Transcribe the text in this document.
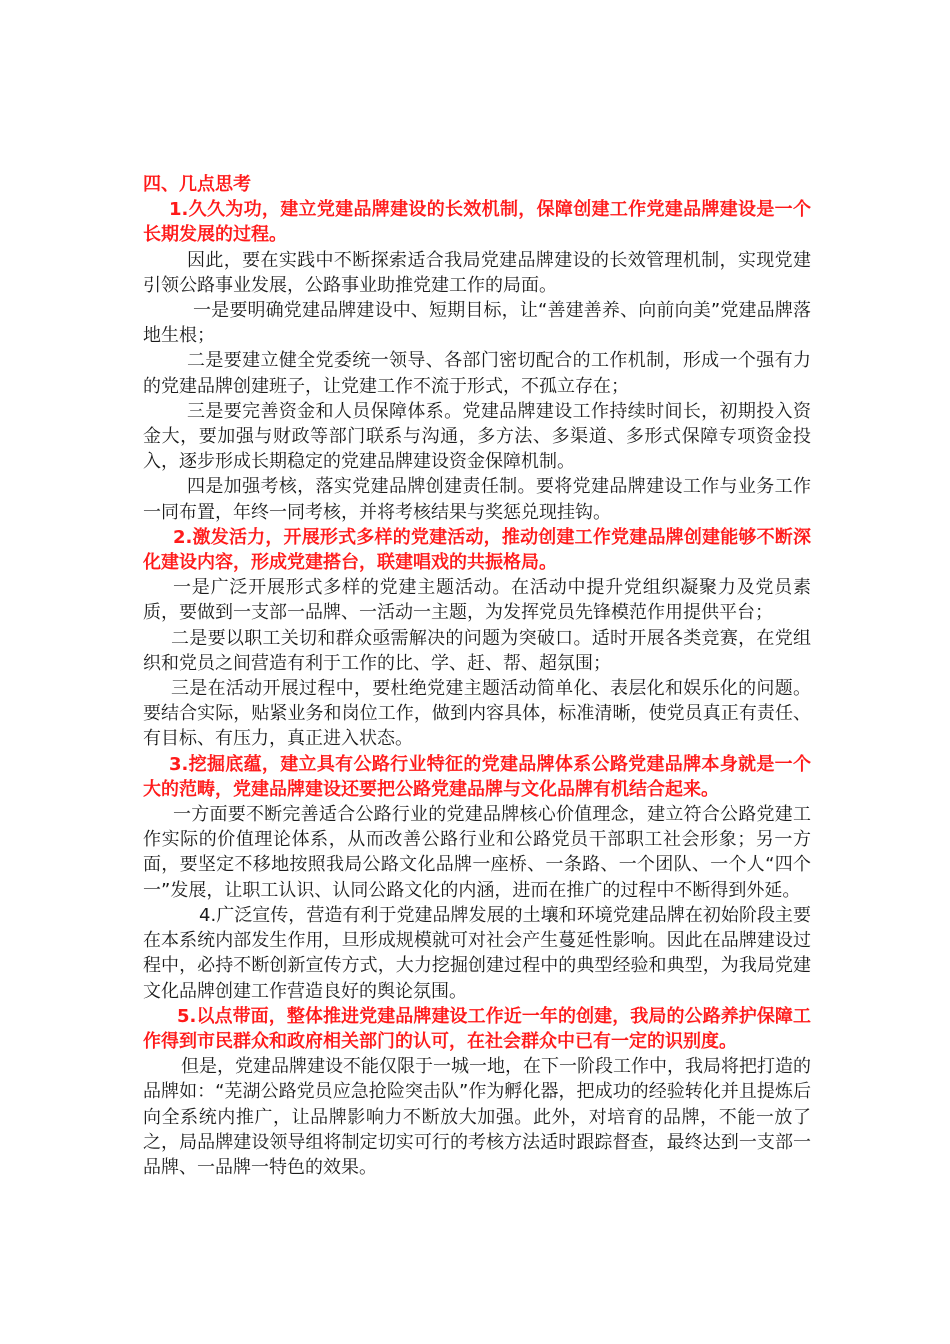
四、几点思考

1.久久为功，建立党建品牌建设的长效机制，保障创建工作党建品牌建设是一个长期发展的过程。

因此，要在实践中不断探索适合我局党建品牌建设的长效管理机制，实现党建引领公路事业发展，公路事业助推党建工作的局面。

一是要明确党建品牌建设中、短期目标，让“善建善养、向前向美”党建品牌落地生根；

二是要建立健全党委统一领导、各部门密切配合的工作机制，形成一个强有力的党建品牌创建班子，让党建工作不流于形式，不孤立存在；

三是要完善资金和人员保障体系。党建品牌建设工作持续时间长，初期投入资金大，要加强与财政等部门联系与沟通，多方法、多渠道、多形式保障专项资金投入，逐步形成长期稳定的党建品牌建设资金保障机制。

四是加强考核，落实党建品牌创建责任制。要将党建品牌建设工作与业务工作一同布置，年终一同考核，并将考核结果与奖惩兑现挂钩。

2.激发活力，开展形式多样的党建活动，推动创建工作党建品牌创建能够不断深化建设内容，形成党建搭台，联建唱戏的共振格局。

一是广泛开展形式多样的党建主题活动。在活动中提升党组织凝聚力及党员素质，要做到一支部一品牌、一活动一主题，为发挥党员先锋模范作用提供平台；

二是要以职工关切和群众亟需解决的问题为突破口。适时开展各类竞赛，在党组织和党员之间营造有利于工作的比、学、赶、帮、超氛围；

三是在活动开展过程中，要杜绝党建主题活动简单化、表层化和娱乐化的问题。要结合实际，贴紧业务和岗位工作，做到内容具体，标准清晰，使党员真正有责任、有目标、有压力，真正进入状态。

3.挖掘底蕴，建立具有公路行业特征的党建品牌体系公路党建品牌本身就是一个大的范畴，党建品牌建设还要把公路党建品牌与文化品牌有机结合起来。

一方面要不断完善适合公路行业的党建品牌核心价值理念，建立符合公路党建工作实际的价值理论体系，从而改善公路行业和公路党员干部职工社会形象；另一方面，要坚定不移地按照我局公路文化品牌一座桥、一条路、一个团队、一个人“四个一”发展，让职工认识、认同公路文化的内涵，进而在推广的过程中不断得到外延。

4.广泛宣传，营造有利于党建品牌发展的土壤和环境党建品牌在初始阶段主要在本系统内部发生作用，旦形成规模就可对社会产生蔓延性影响。因此在品牌建设过程中，必持不断创新宣传方式，大力挖掘创建过程中的典型经验和典型，为我局党建文化品牌创建工作营造良好的舆论氛围。

5.以点带面，整体推进党建品牌建设工作近一年的创建，我局的公路养护保障工作得到市民群众和政府相关部门的认可，在社会群众中已有一定的识别度。

但是，党建品牌建设不能仅限于一城一地，在下一阶段工作中，我局将把打造的品牌如：“芜湖公路党员应急抢险突击队”作为孵化器，把成功的经验转化并且提炼后向全系统内推广，让品牌影响力不断放大加强。此外，对培育的品牌，不能一放了之，局品牌建设领导组将制定切实可行的考核方法适时跟踪督查，最终达到一支部一品牌、一品牌一特色的效果。
